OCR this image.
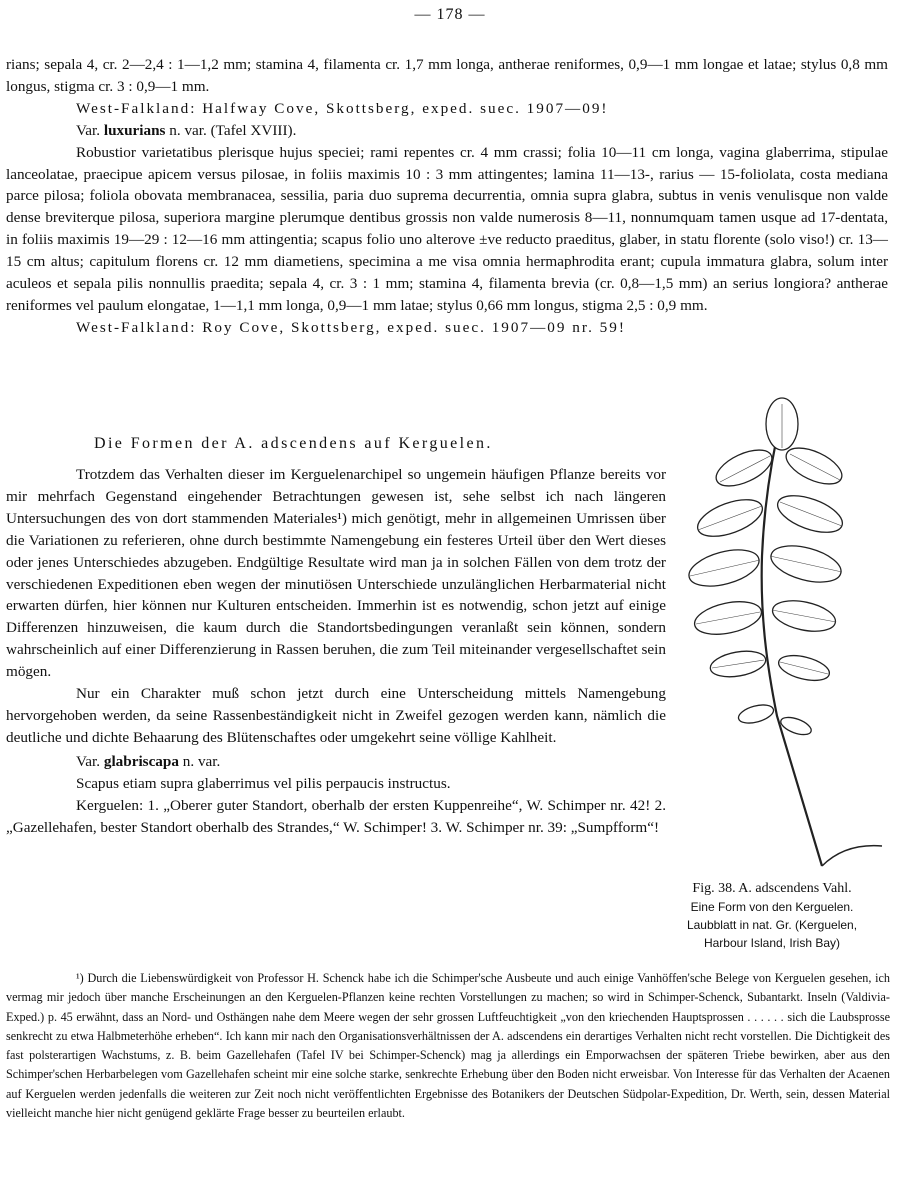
— 178 —

rians; sepala 4, cr. 2—2,4 : 1—1,2 mm; stamina 4, filamenta cr. 1,7 mm longa, antherae reniformes, 0,9—1 mm longae et latae; stylus 0,8 mm longus, stigma cr. 3 : 0,9—1 mm.

West-Falkland: Halfway Cove, Skottsberg, exped. suec. 1907—09!

Var. luxurians n. var. (Tafel XVIII).

Robustior varietatibus plerisque hujus speciei; rami repentes cr. 4 mm crassi; folia 10—11 cm longa, vagina glaberrima, stipulae lanceolatae, praecipue apicem versus pilosae, in foliis maximis 10 : 3 mm attingentes; lamina 11—13-, rarius — 15-foliolata, costa mediana parce pilosa; foliola obovata membranacea, sessilia, paria duo suprema decurrentia, omnia supra glabra, subtus in venis venulisque non valde dense breviterque pilosa, superiora margine plerumque dentibus grossis non valde numerosis 8—11, nonnumquam tamen usque ad 17-dentata, in foliis maximis 19—29 : 12—16 mm attingentia; scapus folio uno alterove ±ve reducto praeditus, glaber, in statu florente (solo viso!) cr. 13—15 cm altus; capitulum florens cr. 12 mm diametiens, specimina a me visa omnia hermaphrodita erant; cupula immatura glabra, solum inter aculeos et sepala pilis nonnullis praedita; sepala 4, cr. 3 : 1 mm; stamina 4, filamenta brevia (cr. 0,8—1,5 mm) an serius longiora? antherae reniformes vel paulum elongatae, 1—1,1 mm longa, 0,9—1 mm latae; stylus 0,66 mm longus, stigma 2,5 : 0,9 mm.

West-Falkland: Roy Cove, Skottsberg, exped. suec. 1907—09 nr. 59!

Die Formen der A. adscendens auf Kerguelen.

Trotzdem das Verhalten dieser im Kerguelenarchipel so ungemein häufigen Pflanze bereits vor mir mehrfach Gegenstand eingehender Betrachtungen gewesen ist, sehe selbst ich nach längeren Untersuchungen des von dort stammenden Materiales¹) mich genötigt, mehr in allgemeinen Umrissen über die Variationen zu referieren, ohne durch bestimmte Namengebung ein festeres Urteil über den Wert dieses oder jenes Unterschiedes abzugeben. Endgültige Resultate wird man ja in solchen Fällen von dem trotz der verschiedenen Expeditionen eben wegen der minutiösen Unterschiede unzulänglichen Herbarmaterial nicht erwarten dürfen, hier können nur Kulturen entscheiden. Immerhin ist es notwendig, schon jetzt auf einige Differenzen hinzuweisen, die kaum durch die Standortsbedingungen veranlaßt sein können, sondern wahrscheinlich auf einer Differenzierung in Rassen beruhen, die zum Teil miteinander vergesellschaftet sein mögen.

Nur ein Charakter muß schon jetzt durch eine Unterscheidung mittels Namengebung hervorgehoben werden, da seine Rassenbeständigkeit nicht in Zweifel gezogen werden kann, nämlich die deutliche und dichte Behaarung des Blütenschaftes oder umgekehrt seine völlige Kahlheit.

Var. glabriscapa n. var.

Scapus etiam supra glaberrimus vel pilis perpaucis instructus.

Kerguelen: 1. „Oberer guter Standort, oberhalb der ersten Kuppenreihe“, W. Schimper nr. 42! 2. „Gazellehafen, bester Standort oberhalb des Strandes,“ W. Schimper! 3. W. Schimper nr. 39: „Sumpfform“!

Fig. 38. A. adscendens Vahl.
Eine Form von den Kerguelen.
Laubblatt in nat. Gr. (Kerguelen,
Harbour Island, Irish Bay)

¹) Durch die Liebenswürdigkeit von Professor H. Schenck habe ich die Schimper'sche Ausbeute und auch einige Vanhöffen'sche Belege von Kerguelen gesehen, ich vermag mir jedoch über manche Erscheinungen an den Kerguelen-Pflanzen keine rechten Vorstellungen zu machen; so wird in Schimper-Schenck, Subantarkt. Inseln (Valdivia-Exped.) p. 45 erwähnt, dass an Nord- und Osthängen nahe dem Meere wegen der sehr grossen Luftfeuchtigkeit „von den kriechenden Hauptsprossen . . . . . . sich die Laubsprosse senkrecht zu etwa Halbmeterhöhe erheben“. Ich kann mir nach den Organisationsverhältnissen der A. adscendens ein derartiges Verhalten nicht recht vorstellen. Die Dichtigkeit des fast polsterartigen Wachstums, z. B. beim Gazellehafen (Tafel IV bei Schimper-Schenck) mag ja allerdings ein Emporwachsen der späteren Triebe bewirken, aber aus den Schimper'schen Herbarbelegen vom Gazellehafen scheint mir eine solche starke, senkrechte Erhebung über den Boden nicht erweisbar. Von Interesse für das Verhalten der Acaenen auf Kerguelen werden jedenfalls die weiteren zur Zeit noch nicht veröffentlichten Ergebnisse des Botanikers der Deutschen Südpolar-Expedition, Dr. Werth, sein, dessen Material vielleicht manche hier nicht genügend geklärte Frage besser zu beurteilen erlaubt.
